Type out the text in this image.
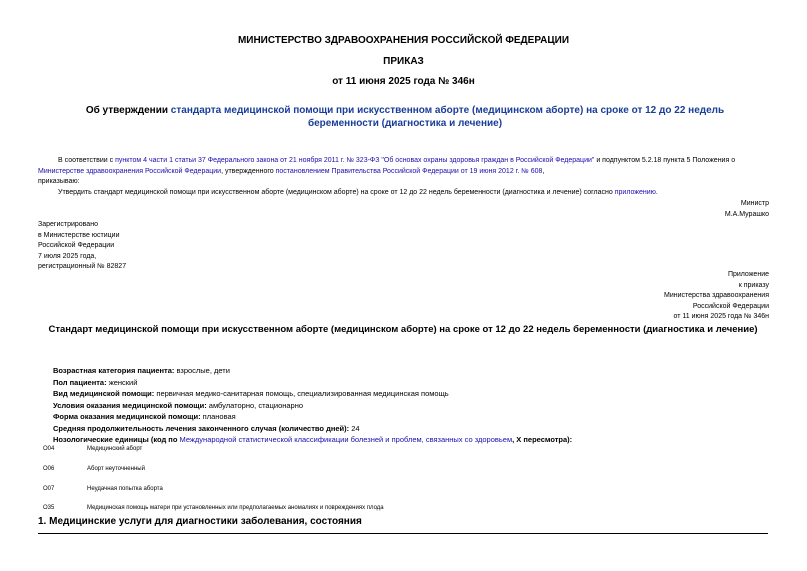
МИНИСТЕРСТВО ЗДРАВООХРАНЕНИЯ РОССИЙСКОЙ ФЕДЕРАЦИИ
ПРИКАЗ
от 11 июня 2025 года № 346н
Об утверждении стандарта медицинской помощи при искусственном аборте (медицинском аборте) на сроке от 12 до 22 недель беременности (диагностика и лечение)
В соответствии с пунктом 4 части 1 статьи 37 Федерального закона от 21 ноября 2011 г. № 323-ФЗ "Об основах охраны здоровья граждан в Российской Федерации" и подпунктом 5.2.18 пункта 5 Положения о Министерстве здравоохранения Российской Федерации, утвержденного постановлением Правительства Российской Федерации от 19 июня 2012 г. № 608,
приказываю:
Утвердить стандарт медицинской помощи при искусственном аборте (медицинском аборте) на сроке от 12 до 22 недель беременности (диагностика и лечение) согласно приложению.
Министр
М.А.Мурашко
Зарегистрировано
в Министерстве юстиции
Российской Федерации
7 июля 2025 года,
регистрационный № 82827
Приложение
к приказу
Министерства здравоохранения
Российской Федерации
от 11 июня 2025 года № 346н
Стандарт медицинской помощи при искусственном аборте (медицинском аборте) на сроке от 12 до 22 недель беременности (диагностика и лечение)
Возрастная категория пациента: взрослые, дети
Пол пациента: женский
Вид медицинской помощи: первичная медико-санитарная помощь, специализированная медицинская помощь
Условия оказания медицинской помощи: амбулаторно, стационарно
Форма оказания медицинской помощи: плановая
Средняя продолжительность лечения законченного случая (количество дней): 24
Нозологические единицы (код по Международной статистической классификации болезней и проблем, связанных со здоровьем, X пересмотра):
O04	Медицинский аборт
O06	Аборт неуточненный
O07	Неудачная попытка аборта
O35	Медицинская помощь матери при установленных или предполагаемых аномалиях и повреждениях плода
1. Медицинские услуги для диагностики заболевания, состояния
